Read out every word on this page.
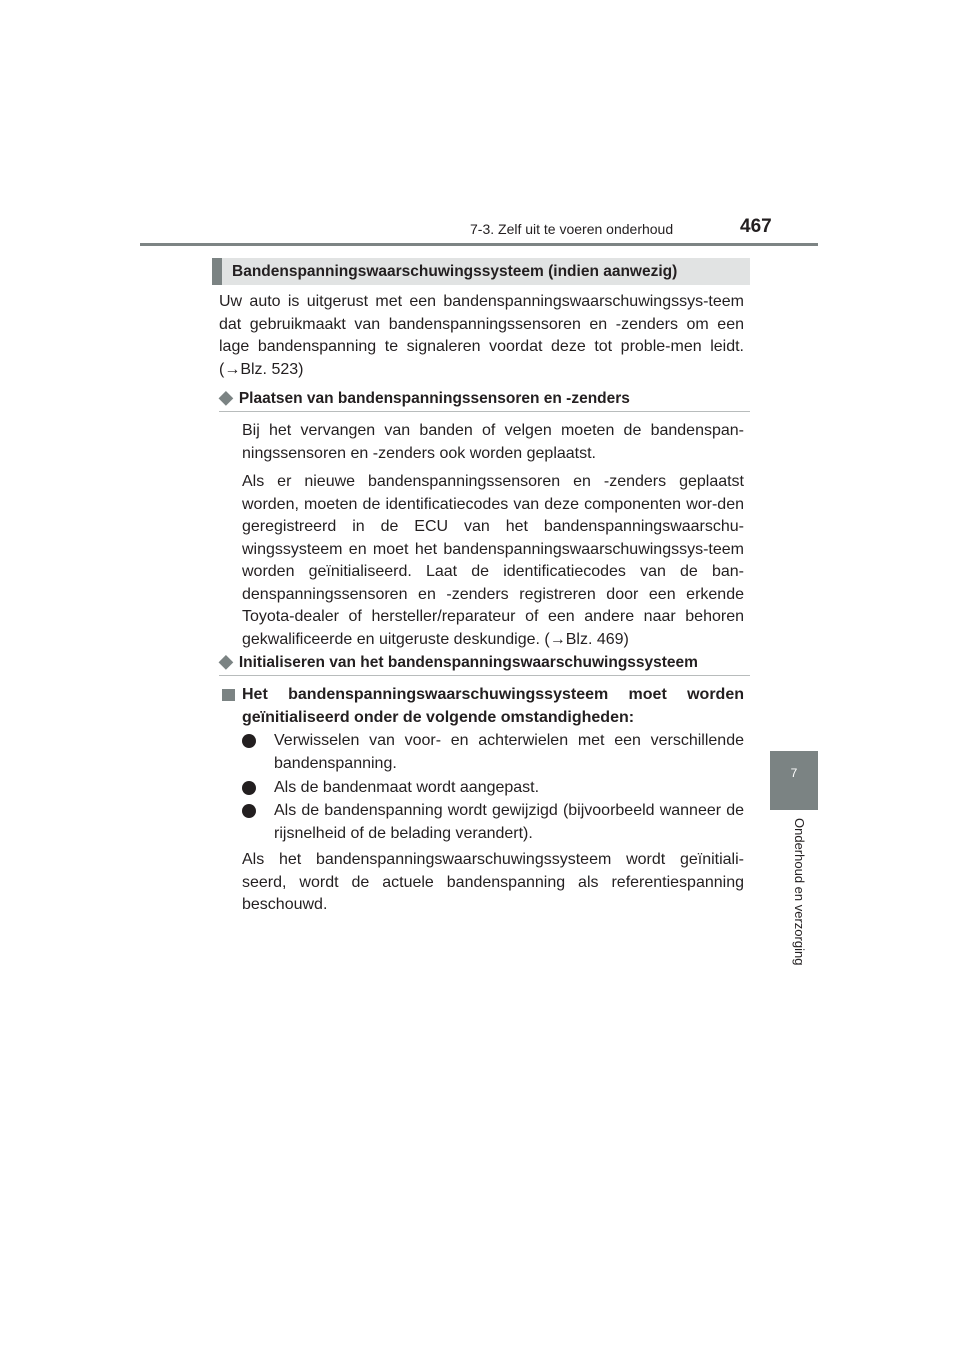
7-3. Zelf uit te voeren onderhoud	467
7
Onderhoud en verzorging
Bandenspanningswaarschuwingssysteem (indien aanwezig)

Uw auto is uitgerust met een bandenspanningswaarschuwingssys-teem dat gebruikmaakt van bandenspanningssensoren en -zenders om een lage bandenspanning te signaleren voordat deze tot proble-men leidt. (→Blz. 523)

◆ Plaatsen van bandenspanningssensoren en -zenders

Bij het vervangen van banden of velgen moeten de bandenspan-ningssensoren en -zenders ook worden geplaatst.

Als er nieuwe bandenspanningssensoren en -zenders geplaatst worden, moeten de identificatiecodes van deze componenten wor-den geregistreerd in de ECU van het bandenspanningswaarschu-wingssysteem en moet het bandenspanningswaarschuwingssys-teem worden geïnitialiseerd. Laat de identificatiecodes van de ban-denspanningssensoren en -zenders registreren door een erkende Toyota-dealer of hersteller/reparateur of een andere naar behoren gekwalificeerde en uitgeruste deskundige. (→Blz. 469)

◆ Initialiseren van het bandenspanningswaarschuwingssysteem
Het bandenspanningswaarschuwingssysteem moet worden geïnitialiseerd onder de volgende omstandigheden:
Verwisselen van voor- en achterwielen met een verschillende bandenspanning.
Als de bandenmaat wordt aangepast.
Als de bandenspanning wordt gewijzigd (bijvoorbeeld wanneer de rijsnelheid of de belading verandert).

Als het bandenspanningswaarschuwingssysteem wordt geïnitiali-seerd, wordt de actuele bandenspanning als referentiespanning beschouwd.
